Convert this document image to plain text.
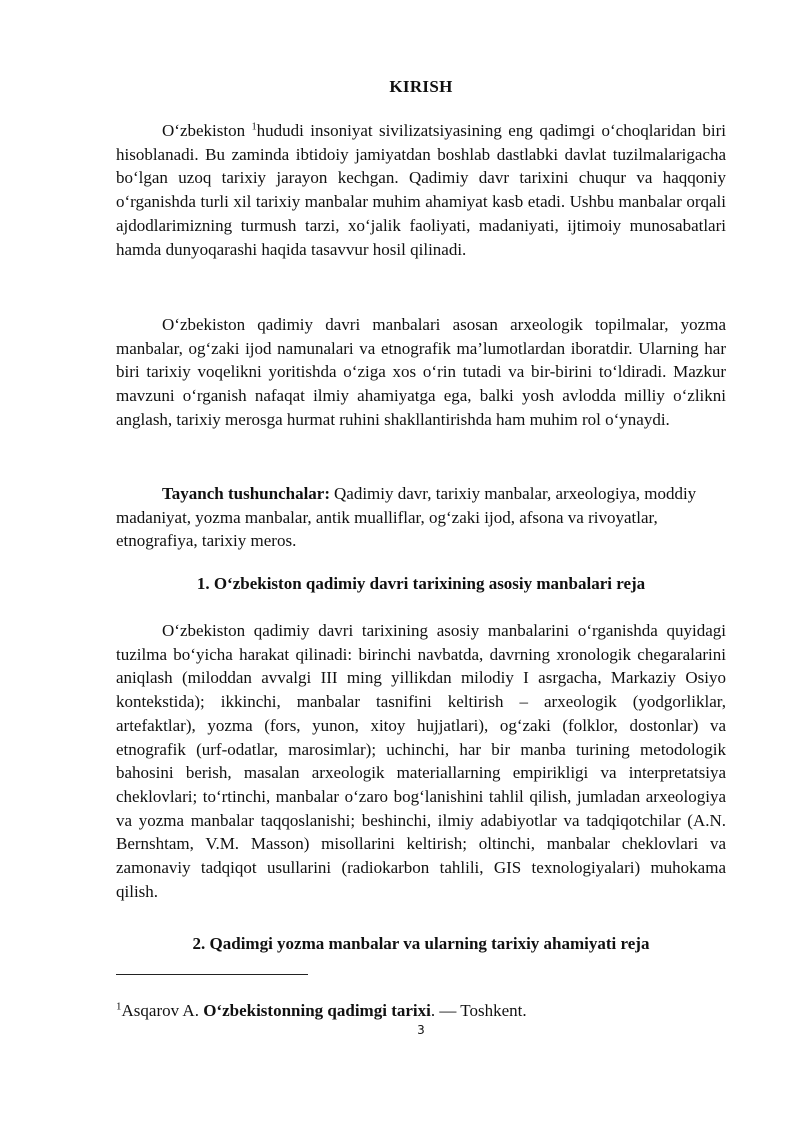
KIRISH

O‘zbekiston $^1$hududi insoniyat sivilizatsiyasining eng qadimgi o‘choqlaridan biri hisoblanadi. Bu zaminda ibtidoiy jamiyatdan boshlab dastlabki davlat tuzilmalarigacha bo‘lgan uzoq tarixiy jarayon kechgan. Qadimiy davr tarixini chuqur va haqqoniy o‘rganishda turli xil tarixiy manbalar muhim ahamiyat kasb etadi. Ushbu manbalar orqali ajdodlarimizning turmush tarzi, xo‘jalik faoliyati, madaniyati, ijtimoiy munosabatlari hamda dunyoqarashi haqida tasavvur hosil qilinadi.

O‘zbekiston qadimiy davri manbalari asosan arxeologik topilmalar, yozma manbalar, og‘zaki ijod namunalari va etnografik ma’lumotlardan iboratdir. Ularning har biri tarixiy voqelikni yoritishda o‘ziga xos o‘rin tutadi va bir-birini to‘ldiradi. Mazkur mavzuni o‘rganish nafaqat ilmiy ahamiyatga ega, balki yosh avlodda milliy o‘zlikni anglash, tarixiy merosga hurmat ruhini shakllantirishda ham muhim rol o‘ynaydi.

Tayanch tushunchalar: Qadimiy davr, tarixiy manbalar, arxeologiya, moddiy madaniyat, yozma manbalar, antik mualliflar, og‘zaki ijod, afsona va rivoyatlar, etnografiya, tarixiy meros.

1. O‘zbekiston qadimiy davri tarixining asosiy manbalari reja

O‘zbekiston qadimiy davri tarixining asosiy manbalarini o‘rganishda quyidagi tuzilma bo‘yicha harakat qilinadi: birinchi navbatda, davrning xronologik chegaralarini aniqlash (miloddan avvalgi III ming yillikdan milodiy I asrgacha, Markaziy Osiyo kontekstida); ikkinchi, manbalar tasnifini keltirish – arxeologik (yodgorliklar, artefaktlar), yozma (fors, yunon, xitoy hujjatlari), og‘zaki (folklor, dostonlar) va etnografik (urf-odatlar, marosimlar); uchinchi, har bir manba turining metodologik bahosini berish, masalan arxeologik materiallarning empirikligi va interpretatsiya cheklovlari; to‘rtinchi, manbalar o‘zaro bog‘lanishini tahlil qilish, jumladan arxeologiya va yozma manbalar taqqoslanishi; beshinchi, ilmiy adabiyotlar va tadqiqotchilar (A.N. Bernshtam, V.M. Masson) misollarini keltirish; oltinchi, manbalar cheklovlari va zamonaviy tadqiqot usullarini (radiokarbon tahlili, GIS texnologiyalari) muhokama qilish.

2. Qadimgi yozma manbalar va ularning tarixiy ahamiyati reja

$^1$Asqarov A. O‘zbekistonning qadimgi tarixi. — Toshkent.

3
